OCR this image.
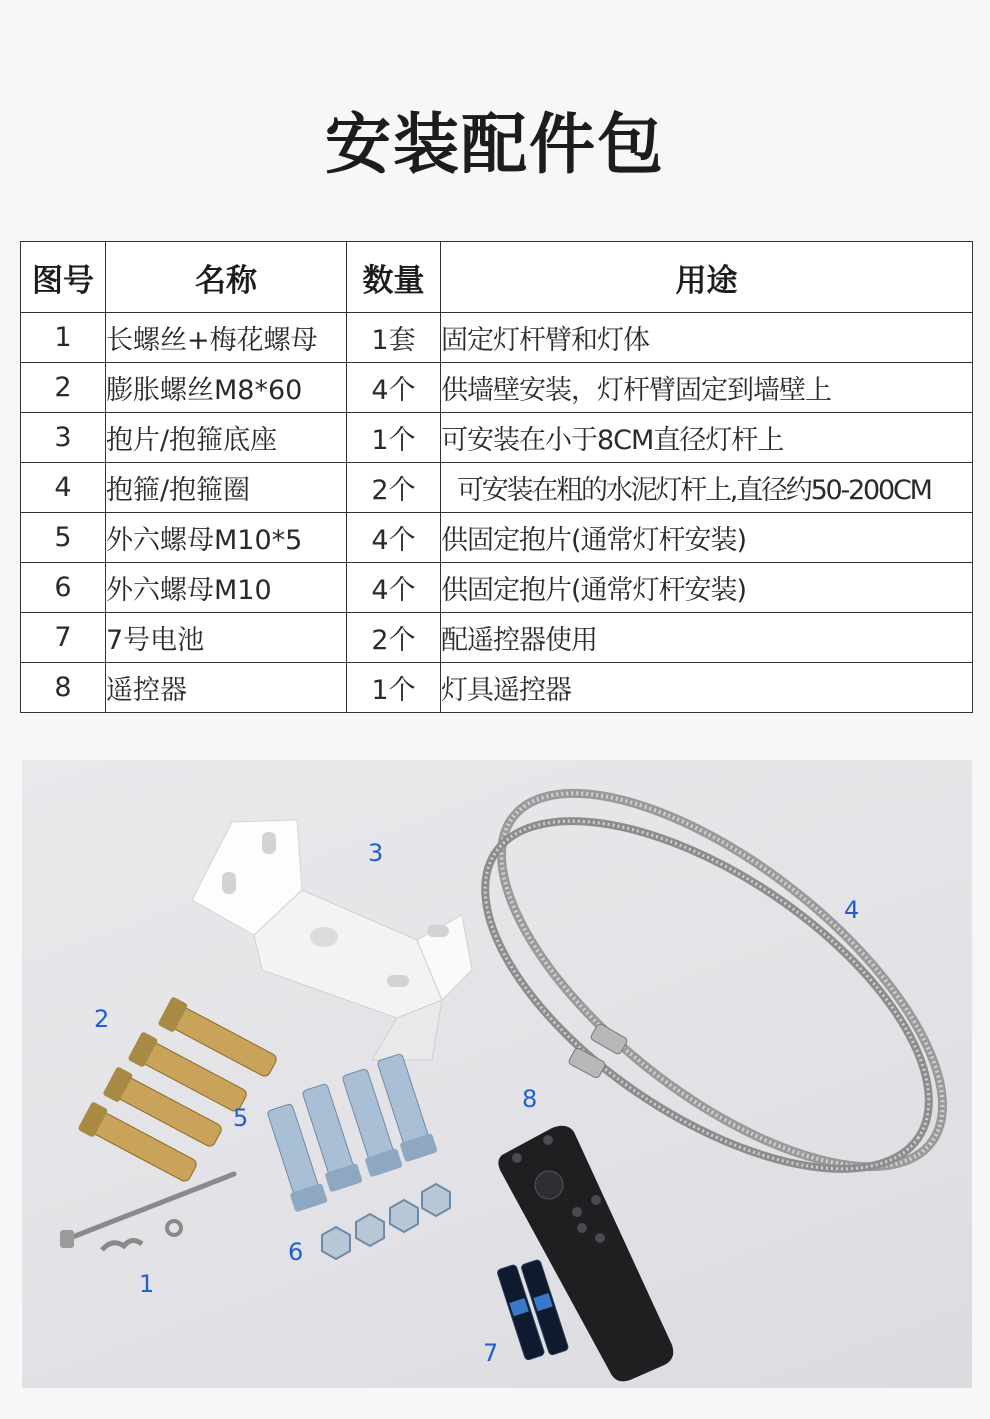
安装配件包
图号	名称	数量	用途
1	长螺丝+梅花螺母	1套	固定灯杆臂和灯体
2	膨胀螺丝M8*60	4个	供墙壁安装，灯杆臂固定到墙壁上
3	抱片/抱箍底座	1个	可安装在小于8CM直径灯杆上
4	抱箍/抱箍圈	2个	可安装在粗的水泥灯杆上,直径约50-200CM
5	外六螺母M10*5	4个	供固定抱片(通常灯杆安装)
6	外六螺母M10	4个	供固定抱片(通常灯杆安装)
7	7号电池	2个	配遥控器使用
8	遥控器	1个	灯具遥控器
1
2
3
4
5
6
7
8
